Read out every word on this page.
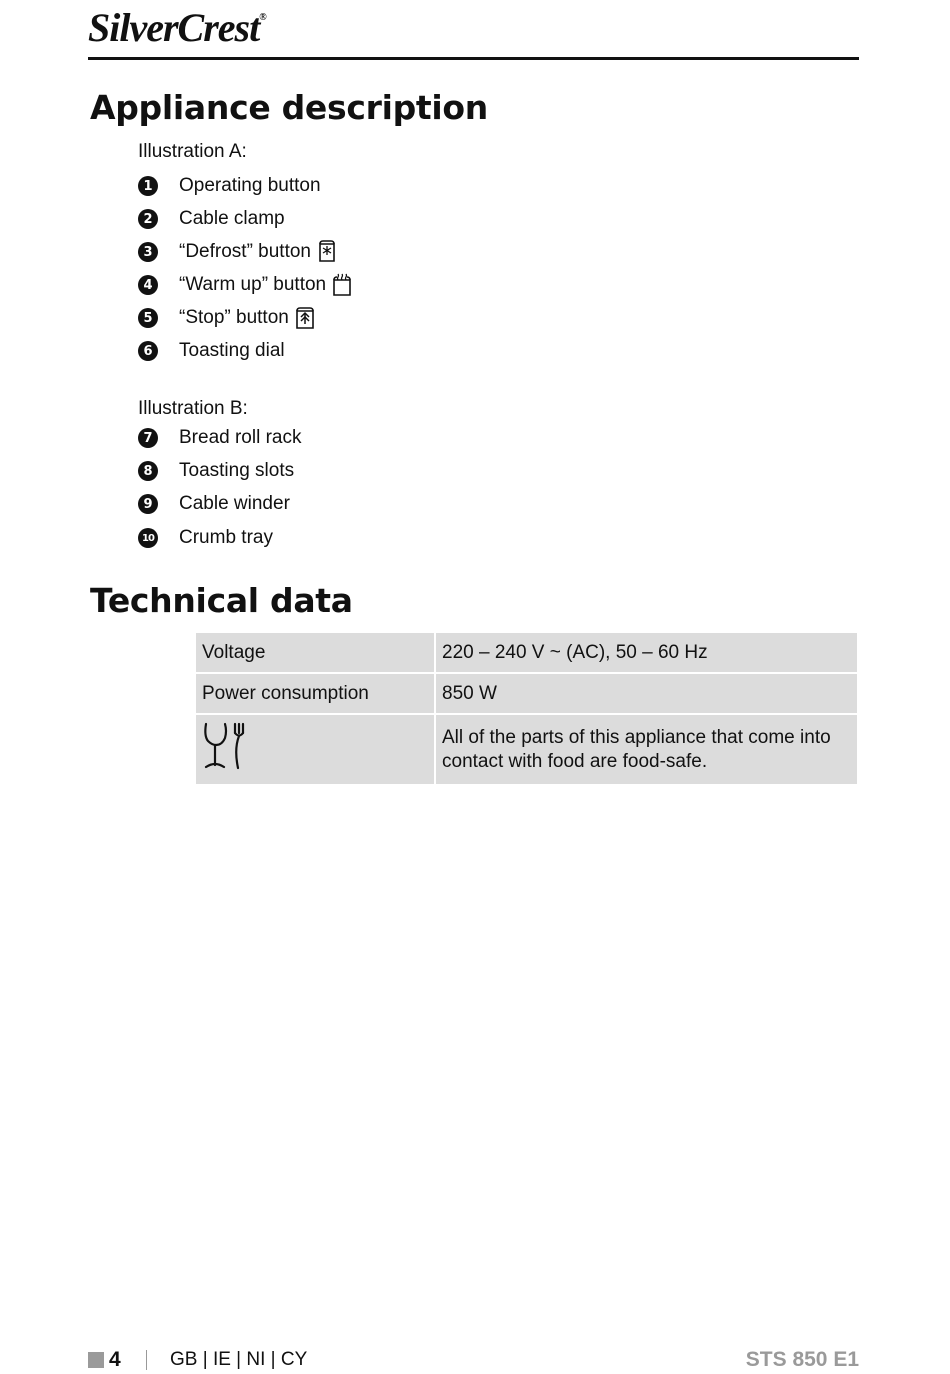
SilverCrest®
Appliance description
Illustration A:
1 Operating button
2 Cable clamp
3 “Defrost” button
4 “Warm up” button
5 “Stop” button
6 Toasting dial
Illustration B:
7 Bread roll rack
8 Toasting slots
9 Cable winder
10 Crumb tray
Technical data
Voltage	220 – 240 V ~ (AC), 50 – 60 Hz
Power consumption	850 W
	All of the parts of this appliance that come into contact with food are food-safe.
4	GB | IE | NI | CY	STS 850 E1
